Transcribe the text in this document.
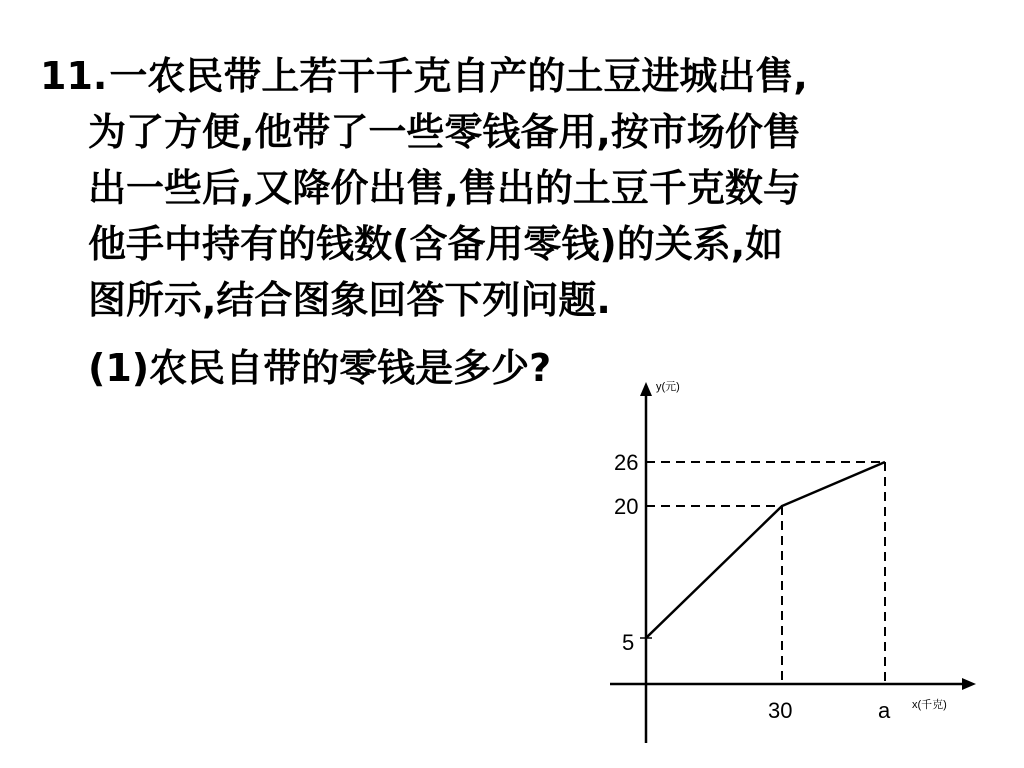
11.一农民带上若干千克自产的土豆进城出售,
为了方便,他带了一些零钱备用,按市场价售
出一些后,又降价出售,售出的土豆千克数与
他手中持有的钱数(含备用零钱)的关系,如
图所示,结合图象回答下列问题.
(1)农民自带的零钱是多少?
26
20
5
30	a
y(元)
x(千克)
